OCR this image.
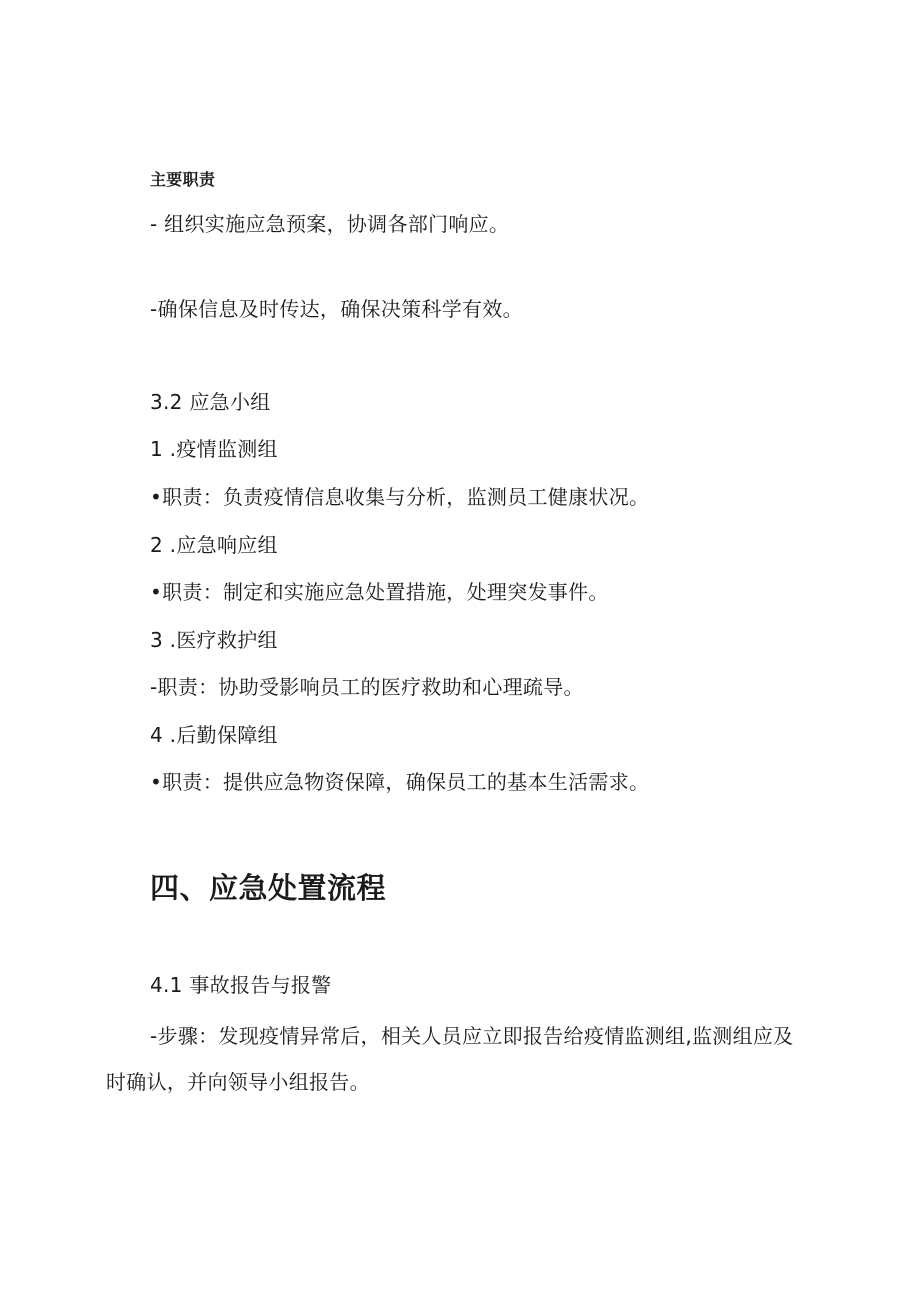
主要职责
- 组织实施应急预案，协调各部门响应。
-确保信息及时传达，确保决策科学有效。
3.2 应急小组
1 .疫情监测组
•职责：负责疫情信息收集与分析，监测员工健康状况。
2 .应急响应组
•职责：制定和实施应急处置措施，处理突发事件。
3 .医疗救护组
-职责：协助受影响员工的医疗救助和心理疏导。
4 .后勤保障组
•职责：提供应急物资保障，确保员工的基本生活需求。
四、应急处置流程
4.1 事故报告与报警
-步骤：发现疫情异常后，相关人员应立即报告给疫情监测组,监测组应及时确认，并向领导小组报告。
